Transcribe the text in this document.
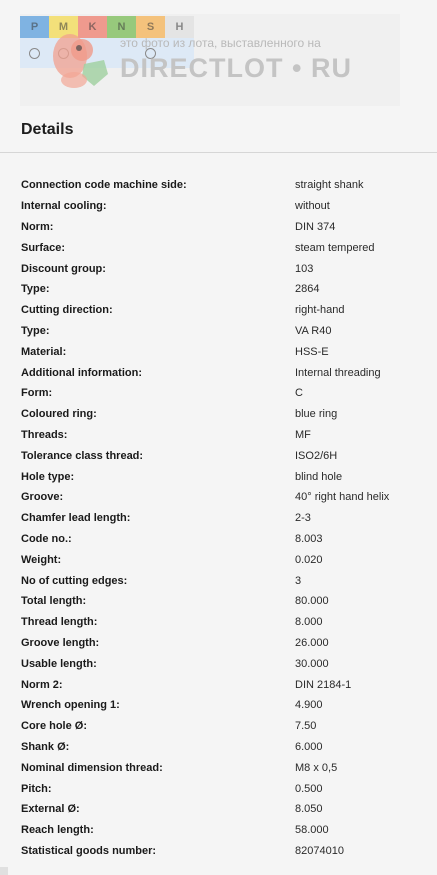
P	M	K	N	S	H
это фото из лота, выставленного на
DIRECTLOT • RU
Details
Connection code machine side:	straight shank
Internal cooling:	without
Norm:	DIN 374
Surface:	steam tempered
Discount group:	103
Type:	2864
Cutting direction:	right-hand
Type:	VA R40
Material:	HSS-E
Additional information:	Internal threading
Form:	C
Coloured ring:	blue ring
Threads:	MF
Tolerance class thread:	ISO2/6H
Hole type:	blind hole
Groove:	40° right hand helix
Chamfer lead length:	2-3
Code no.:	8.003
Weight:	0.020
No of cutting edges:	3
Total length:	80.000
Thread length:	8.000
Groove length:	26.000
Usable length:	30.000
Norm 2:	DIN 2184-1
Wrench opening 1:	4.900
Core hole Ø:	7.50
Shank Ø:	6.000
Nominal dimension thread:	M8 x 0,5
Pitch:	0.500
External Ø:	8.050
Reach length:	58.000
Statistical goods number:	82074010
